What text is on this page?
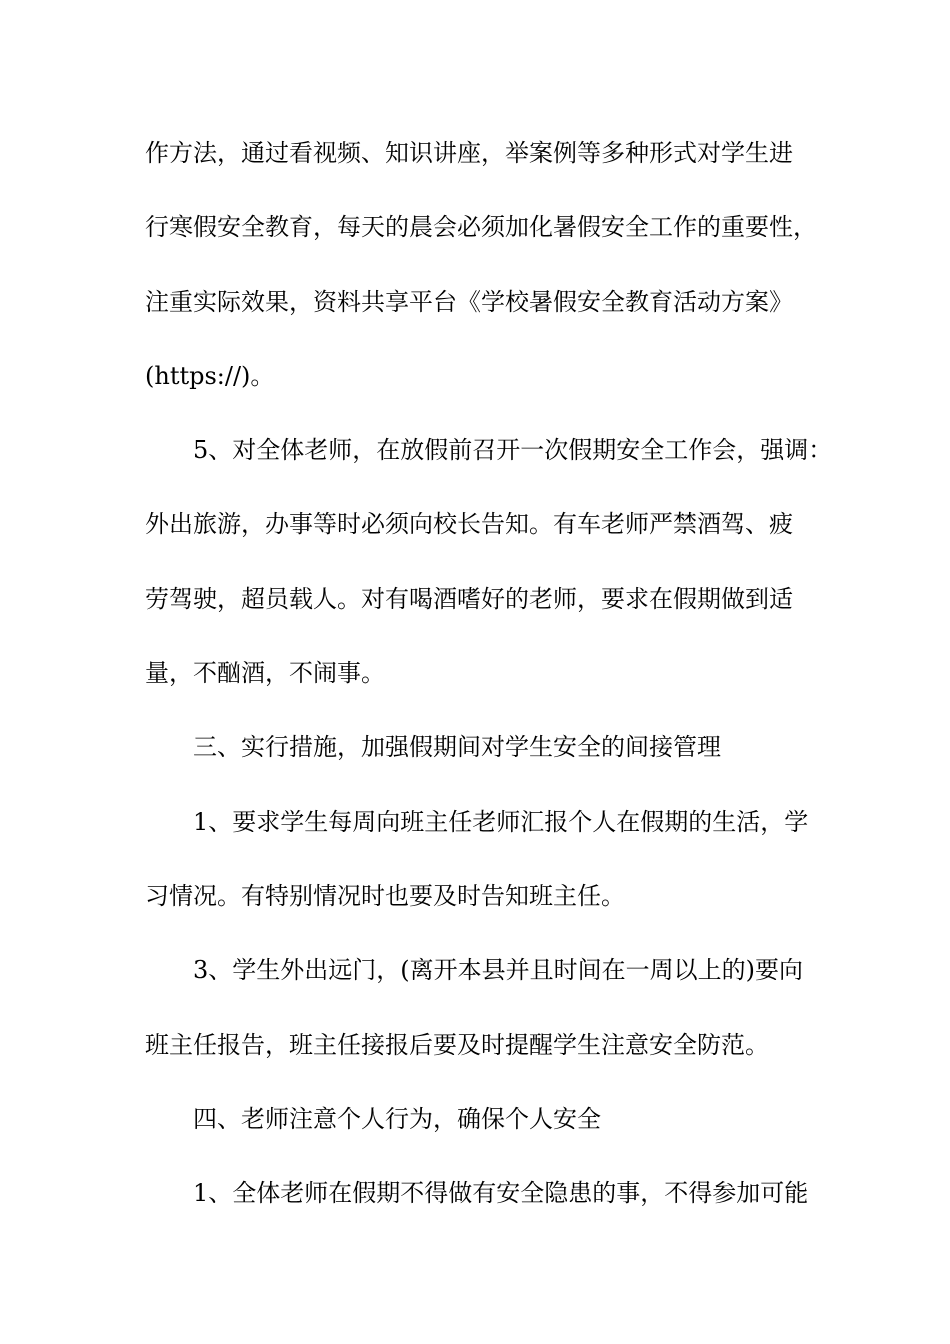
作方法，通过看视频、知识讲座，举案例等多种形式对学生进
行寒假安全教育，每天的晨会必须加化暑假安全工作的重要性，
注重实际效果，资料共享平台《学校暑假安全教育活动方案》
(https://)。
5、对全体老师，在放假前召开一次假期安全工作会，强调：
外出旅游，办事等时必须向校长告知。有车老师严禁酒驾、疲
劳驾驶，超员载人。对有喝酒嗜好的老师，要求在假期做到适
量，不酗酒，不闹事。
三、实行措施，加强假期间对学生安全的间接管理
1、要求学生每周向班主任老师汇报个人在假期的生活，学
习情况。有特别情况时也要及时告知班主任。
3、学生外出远门，(离开本县并且时间在一周以上的)要向
班主任报告，班主任接报后要及时提醒学生注意安全防范。
四、老师注意个人行为，确保个人安全
1、全体老师在假期不得做有安全隐患的事，不得参加可能
